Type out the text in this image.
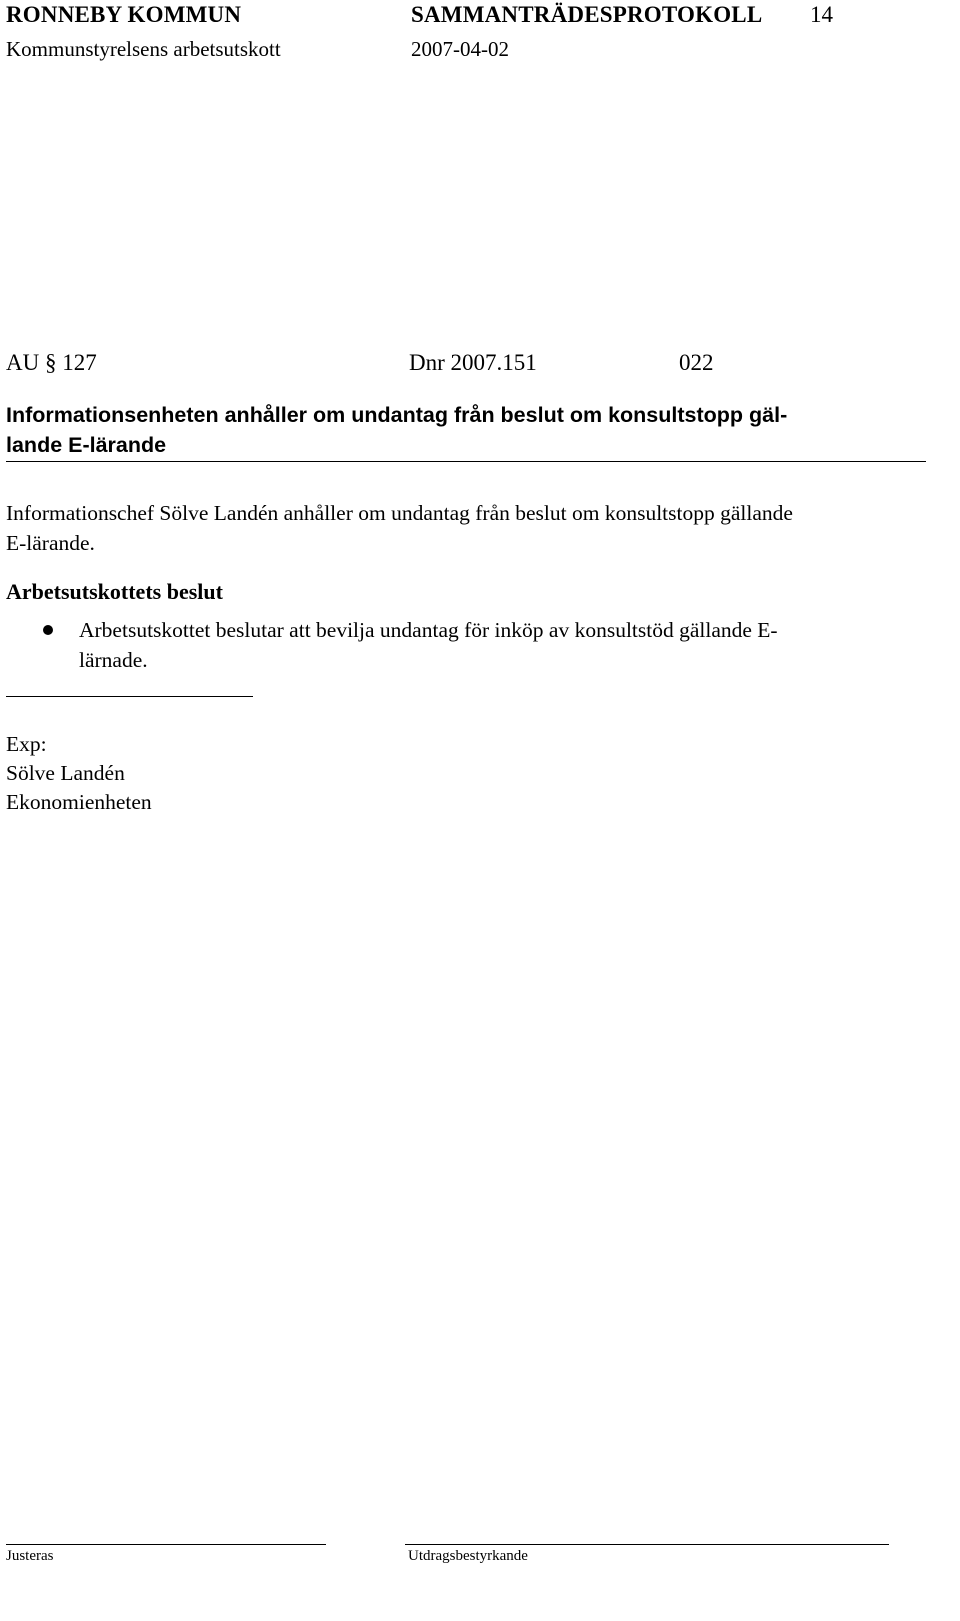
RONNEBY KOMMUN	SAMMANTRÄDESPROTOKOLL 14
Kommunstyrelsens arbetsutskott	2007-04-02
AU § 127	Dnr 2007.151	022
Informationsenheten anhåller om undantag från beslut om konsultstopp gäl-
lande E-lärande
Informationschef Sölve Landén anhåller om undantag från beslut om konsultstopp gällande
E-lärande.
Arbetsutskottets beslut
Arbetsutskottet beslutar att bevilja undantag för inköp av konsultstöd gällande E-
lärnade.
Exp:
Sölve Landén
Ekonomienheten
Justeras	Utdragsbestyrkande
